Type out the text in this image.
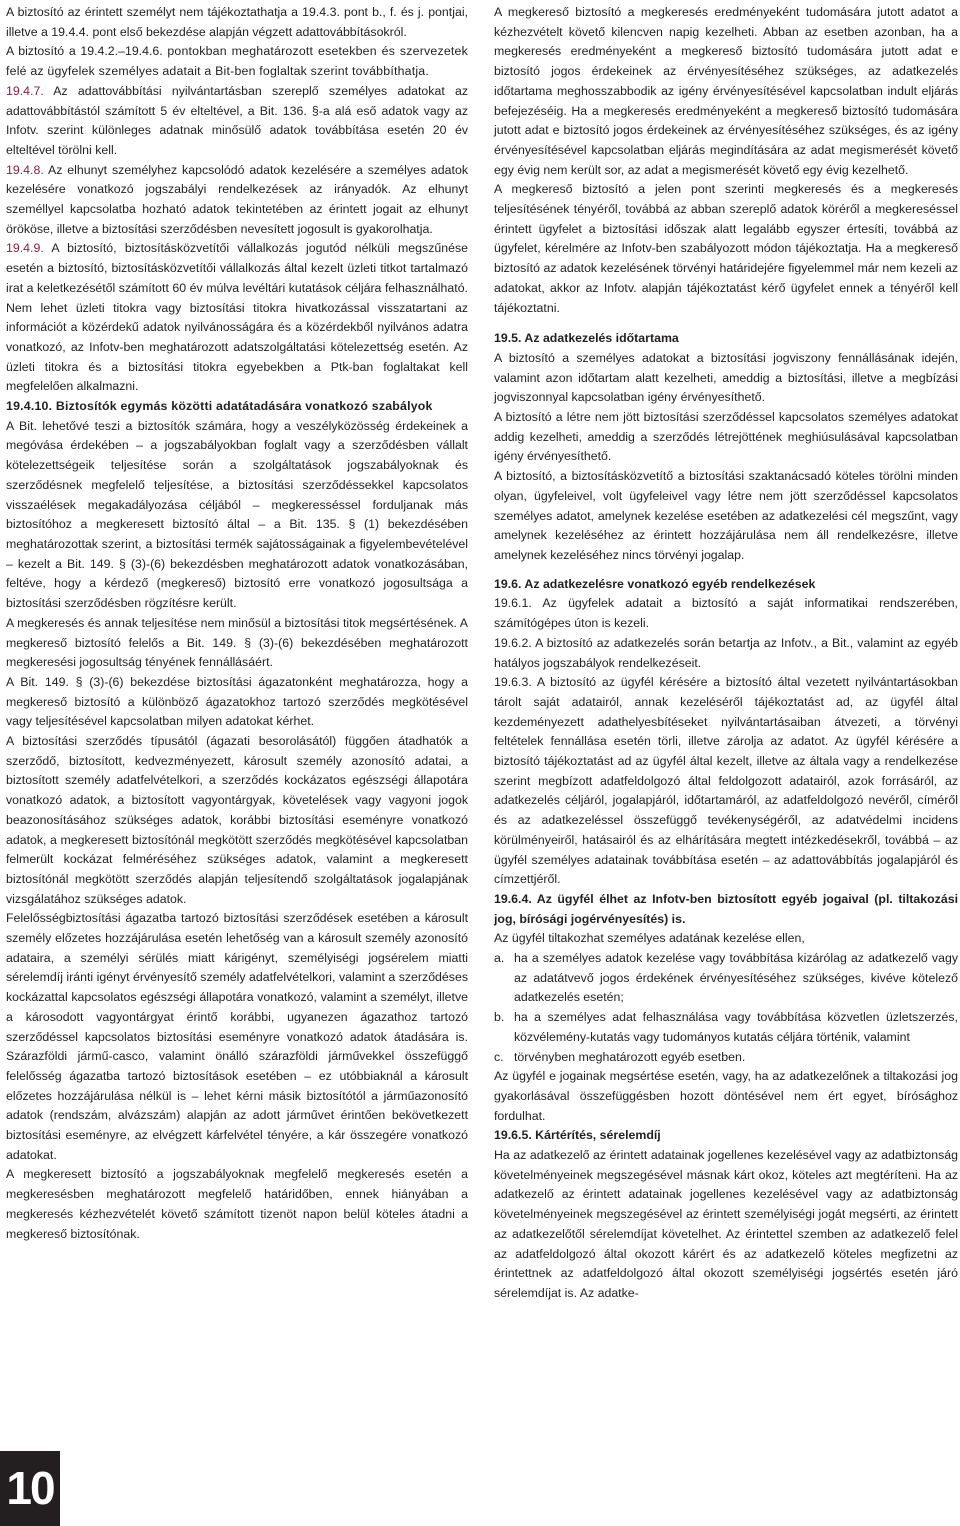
A biztosító az érintett személyt nem tájékoztathatja a 19.4.3. pont b., f. és j. pontjai, illetve a 19.4.4. pont első bekezdése alapján végzett adattovábbításokról.

A biztosító a 19.4.2.–19.4.6. pontokban meghatározott esetekben és szervezetek felé az ügyfelek személyes adatait a Bit-ben foglaltak szerint továbbíthatja.

19.4.7. Az adattovábbítási nyilvántartásban szereplő személyes adatokat az adattovábbítástól számított 5 év elteltével, a Bit. 136. §-a alá eső adatok vagy az Infotv. szerint különleges adatnak minősülő adatok továbbítása esetén 20 év elteltével törölni kell.

19.4.8. Az elhunyt személyhez kapcsolódó adatok kezelésére a személyes adatok kezelésére vonatkozó jogszabályi rendelkezések az irányadók. Az elhunyt személlyel kapcsolatba hozható adatok tekintetében az érintett jogait az elhunyt örököse, illetve a biztosítási szerződésben nevesített jogosult is gyakorolhatja.

19.4.9. A biztosító, biztosításközvetítői vállalkozás jogutód nélküli megszűnése esetén a biztosító, biztosításközvetítői vállalkozás által kezelt üzleti titkot tartalmazó irat a keletkezésétől számított 60 év múlva levéltári kutatások céljára felhasználható. Nem lehet üzleti titokra vagy biztosítási titokra hivatkozással visszatartani az információt a közérdekű adatok nyilvánosságára és a közérdekből nyilvános adatra vonatkozó, az Infotv-ben meghatározott adatszolgáltatási kötelezettség esetén. Az üzleti titokra és a biztosítási titokra egyebekben a Ptk-ban foglaltakat kell megfelelően alkalmazni.

19.4.10. Biztosítók egymás közötti adatátadására vonatkozó szabályok

A Bit. lehetővé teszi a biztosítók számára, hogy a veszélyközösség érdekeinek a megóvása érdekében – a jogszabályokban foglalt vagy a szerződésben vállalt kötelezettségeik teljesítése során a szolgáltatások jogszabályoknak és szerződésnek megfelelő teljesítése, a biztosítási szerződéssekkel kapcsolatos visszaélések megakadályozása céljából – megkeresséssel forduljanak más biztosítóhoz a megkeresett biztosító által – a Bit. 135. § (1) bekezdésében meghatározottak szerint, a biztosítási termék sajátosságainak a figyelembevételével – kezelt a Bit. 149. § (3)-(6) bekezdésben meghatározott adatok vonatkozásában, feltéve, hogy a kérdező (megkereső) biztosító erre vonatkozó jogosultsága a biztosítási szerződésben rögzítésre került.

A megkeresés és annak teljesítése nem minősül a biztosítási titok megsértésének. A megkereső biztosító felelős a Bit. 149. § (3)-(6) bekezdésében meghatározott megkeresési jogosultság tényének fennállásáért.

A Bit. 149. § (3)-(6) bekezdése biztosítási ágazatonként meghatározza, hogy a megkereső biztosító a különböző ágazatokhoz tartozó szerződés megkötésével vagy teljesítésével kapcsolatban milyen adatokat kérhet.

A biztosítási szerződés típusától (ágazati besorolásától) függően átadhatók a szerződő, biztosított, kedvezményezett, károsult személy azonosító adatai, a biztosított személy adatfelvételkori, a szerződés kockázatos egészségi állapotára vonatkozó adatok, a biztosított vagyontárgyak, követelések vagy vagyoni jogok beazonosításához szükséges adatok, korábbi biztosítási eseményre vonatkozó adatok, a megkeresett biztosítónál megkötött szerződés megkötésével kapcsolatban felmerült kockázat felméréséhez szükséges adatok, valamint a megkeresett biztosítónál megkötött szerződés alapján teljesítendő szolgáltatások jogalapjának vizsgálatához szükséges adatok.

Felelősségbiztosítási ágazatba tartozó biztosítási szerződések esetében a károsult személy előzetes hozzájárulása esetén lehetőség van a károsult személy azonosító adataira, a személyi sérülés miatt kárigényt, személyiségi jogsérelem miatti sérelemdíj iránti igényt érvényesítő személy adatfelvételkori, valamint a szerződéses kockázattal kapcsolatos egészségi állapotára vonatkozó, valamint a személyt, illetve a károsodott vagyontárgyat érintő korábbi, ugyanezen ágazathoz tartozó szerződéssel kapcsolatos biztosítási eseményre vonatkozó adatok átadására is. Szárazföldi jármű-casco, valamint önálló szárazföldi járművekkel összefüggő felelősség ágazatba tartozó biztosítások esetében – ez utóbbiaknál a károsult előzetes hozzájárulása nélkül is – lehet kérni másik biztosítótól a járműazonosító adatok (rendszám, alvázszám) alapján az adott járművet érintően bekövetkezett biztosítási eseményre, az elvégzett kárfelvétel tényére, a kár összegére vonatkozó adatokat.

A megkeresett biztosító a jogszabályoknak megfelelő megkeresés esetén a megkeresésben meghatározott megfelelő határidőben, ennek hiányában a megkeresés kézhezvételét követő számított tizenöt napon belül köteles átadni a megkereső biztosítónak.

A megkereső biztosító a megkeresés eredményeként tudomására jutott adatot a kézhezvételt követő kilencven napig kezelheti. Abban az esetben azonban, ha a megkeresés eredményeként a megkereső biztosító tudomására jutott adat e biztosító jogos érdekeinek az érvényesítéséhez szükséges, az adatkezelés időtartama meghosszabbodik az igény érvényesítésével kapcsolatban indult eljárás befejezéséig. Ha a megkeresés eredményeként a megkereső biztosító tudomására jutott adat e biztosító jogos érdekeinek az érvényesítéséhez szükséges, és az igény érvényesítésével kapcsolatban eljárás megindítására az adat megismerését követő egy évig nem került sor, az adat a megismerését követő egy évig kezelhető.

A megkereső biztosító a jelen pont szerinti megkeresés és a megkeresés teljesítésének tényéről, továbbá az abban szereplő adatok köréről a megkereséssel érintett ügyfelet a biztosítási időszak alatt legalább egyszer értesíti, továbbá az ügyfelet, kérelmére az Infotv-ben szabályozott módon tájékoztatja. Ha a megkereső biztosító az adatok kezelésének törvényi határidejére figyelemmel már nem kezeli az adatokat, akkor az Infotv. alapján tájékoztatást kérő ügyfelet ennek a tényéről kell tájékoztatni.

19.5. Az adatkezelés időtartama

A biztosító a személyes adatokat a biztosítási jogviszony fennállásának idején, valamint azon időtartam alatt kezelheti, ameddig a biztosítási, illetve a megbízási jogviszonnyal kapcsolatban igény érvényesíthető.

A biztosító a létre nem jött biztosítási szerződéssel kapcsolatos személyes adatokat addig kezelheti, ameddig a szerződés létrejöttének meghiúsulásával kapcsolatban igény érvényesíthető.

A biztosító, a biztosításközvetítő a biztosítási szaktanácsadó köteles törölni minden olyan, ügyfeleivel, volt ügyfeleivel vagy létre nem jött szerződéssel kapcsolatos személyes adatot, amelynek kezelése esetében az adatkezelési cél megszűnt, vagy amelynek kezeléséhez az érintett hozzájárulása nem áll rendelkezésre, illetve amelynek kezeléséhez nincs törvényi jogalap.

19.6. Az adatkezelésre vonatkozó egyéb rendelkezések

19.6.1. Az ügyfelek adatait a biztosító a saját informatikai rendszerében, számítógépes úton is kezeli.

19.6.2. A biztosító az adatkezelés során betartja az Infotv., a Bit., valamint az egyéb hatályos jogszabályok rendelkezéseit.

19.6.3. A biztosító az ügyfél kérésére a biztosító által vezetett nyilvántartásokban tárolt saját adatairól, annak kezeléséről tájékoztatást ad, az ügyfél által kezdeményezett adathelyesbítéseket nyilvántartásaiban átvezeti, a törvényi feltételek fennállása esetén törli, illetve zárolja az adatot. Az ügyfél kérésére a biztosító tájékoztatást ad az ügyfél által kezelt, illetve az általa vagy a rendelkezése szerint megbízott adatfeldolgozó által feldolgozott adatairól, azok forrásáról, az adatkezelés céljáról, jogalapjáról, időtartamáról, az adatfeldolgozó nevéről, címéről és az adatkezeléssel összefüggő tevékenységéről, az adatvédelmi incidens körülményeiről, hatásairól és az elhárítására megtett intézkedésekről, továbbá – az ügyfél személyes adatainak továbbítása esetén – az adattovábbítás jogalapjáról és címzettjéről.

19.6.4. Az ügyfél élhet az Infotv-ben biztosított egyéb jogaival (pl. tiltakozási jog, bírósági jogérvényesítés) is.

Az ügyfél tiltakozhat személyes adatának kezelése ellen,

a. ha a személyes adatok kezelése vagy továbbítása kizárólag az adatkezelő vagy az adatátvevő jogos érdekének érvényesítéséhez szükséges, kivéve kötelező adatkezelés esetén;
b. ha a személyes adat felhasználása vagy továbbítása közvetlen üzletszerzés, közvélemény-kutatás vagy tudományos kutatás céljára történik, valamint
c. törvényben meghatározott egyéb esetben.

Az ügyfél e jogainak megsértése esetén, vagy, ha az adatkezelőnek a tiltakozási jog gyakorlásával összefüggésben hozott döntésével nem ért egyet, bírósághoz fordulhat.

19.6.5. Kártérítés, sérelemdíj

Ha az adatkezelő az érintett adatainak jogellenes kezelésével vagy az adatbiztonság követelményeinek megszegésével másnak kárt okoz, köteles azt megtéríteni. Ha az adatkezelő az érintett adatainak jogellenes kezelésével vagy az adatbiztonság követelményeinek megszegésével az érintett személyiségi jogát megsérti, az érintett az adatkezelőtől sérelemdíjat követelhet. Az érintettel szemben az adatkezelő felel az adatfeldolgozó által okozott kárért és az adatkezelő köteles megfizetni az érintettnek az adatfeldolgozó által okozott személyiségi jogsértés esetén járó sérelemdíjat is. Az adatke-

10
